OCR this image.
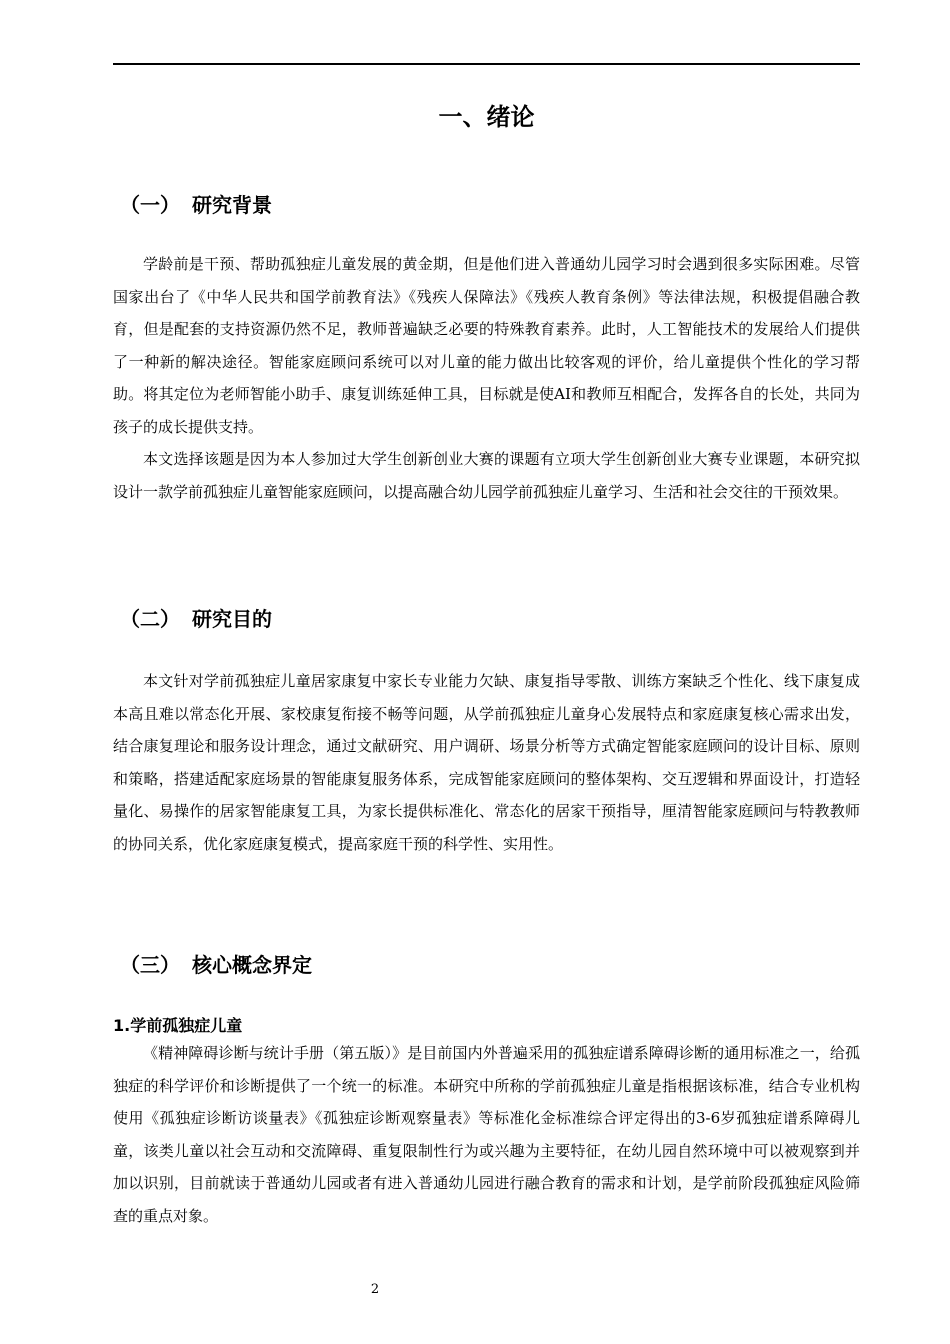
一、绪论
（一） 研究背景

学龄前是干预、帮助孤独症儿童发展的黄金期，但是他们进入普通幼儿园学习时会遇到很多实际困难。尽管国家出台了《中华人民共和国学前教育法》《残疾人保障法》《残疾人教育条例》等法律法规，积极提倡融合教育，但是配套的支持资源仍然不足，教师普遍缺乏必要的特殊教育素养。此时，人工智能技术的发展给人们提供了一种新的解决途径。智能家庭顾问系统可以对儿童的能力做出比较客观的评价，给儿童提供个性化的学习帮助。将其定位为老师智能小助手、康复训练延伸工具，目标就是使AI和教师互相配合，发挥各自的长处，共同为孩子的成长提供支持。

本文选择该题是因为本人参加过大学生创新创业大赛的课题有立项大学生创新创业大赛专业课题，本研究拟设计一款学前孤独症儿童智能家庭顾问，以提高融合幼儿园学前孤独症儿童学习、生活和社会交往的干预效果。

（二） 研究目的

本文针对学前孤独症儿童居家康复中家长专业能力欠缺、康复指导零散、训练方案缺乏个性化、线下康复成本高且难以常态化开展、家校康复衔接不畅等问题，从学前孤独症儿童身心发展特点和家庭康复核心需求出发，结合康复理论和服务设计理念，通过文献研究、用户调研、场景分析等方式确定智能家庭顾问的设计目标、原则和策略，搭建适配家庭场景的智能康复服务体系，完成智能家庭顾问的整体架构、交互逻辑和界面设计，打造轻量化、易操作的居家智能康复工具，为家长提供标准化、常态化的居家干预指导，厘清智能家庭顾问与特教教师的协同关系，优化家庭康复模式，提高家庭干预的科学性、实用性。

（三） 核心概念界定
1.学前孤独症儿童

《精神障碍诊断与统计手册（第五版）》是目前国内外普遍采用的孤独症谱系障碍诊断的通用标准之一，给孤独症的科学评价和诊断提供了一个统一的标准。本研究中所称的学前孤独症儿童是指根据该标准，结合专业机构使用《孤独症诊断访谈量表》《孤独症诊断观察量表》等标准化金标准综合评定得出的3-6岁孤独症谱系障碍儿童，该类儿童以社会互动和交流障碍、重复限制性行为或兴趣为主要特征，在幼儿园自然环境中可以被观察到并加以识别，目前就读于普通幼儿园或者有进入普通幼儿园进行融合教育的需求和计划，是学前阶段孤独症风险筛查的重点对象。

2
